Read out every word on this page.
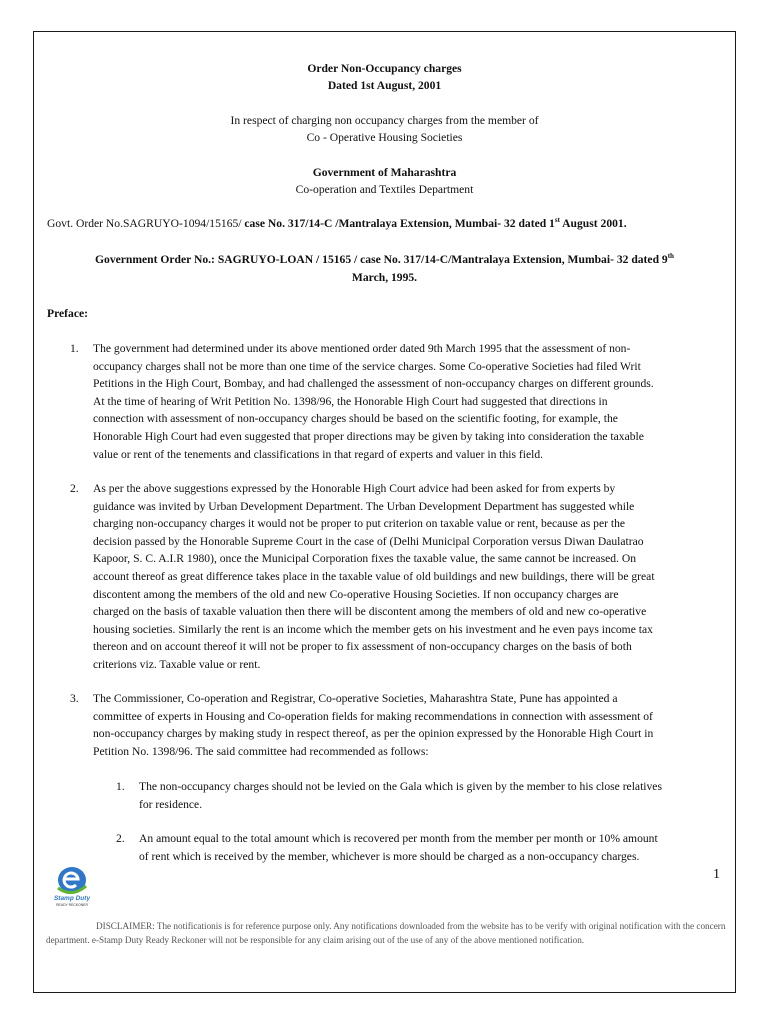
Order Non-Occupancy charges
Dated 1st August, 2001
In respect of charging non occupancy charges from the member of
Co - Operative Housing Societies
Government of Maharashtra
Co-operation and Textiles Department
Govt. Order No.SAGRUYO-1094/15165/ case No. 317/14-C /Mantralaya Extension, Mumbai- 32 dated 1st August 2001.
Government Order No.: SAGRUYO-LOAN / 15165 / case No. 317/14-C/Mantralaya Extension, Mumbai- 32 dated 9th
March, 1995.
Preface:
1. The government had determined under its above mentioned order dated 9th March 1995 that the assessment of non-
occupancy charges shall not be more than one time of the service charges. Some Co-operative Societies had filed Writ
Petitions in the High Court, Bombay, and had challenged the assessment of non-occupancy charges on different grounds.
At the time of hearing of Writ Petition No. 1398/96, the Honorable High Court had suggested that directions in
connection with assessment of non-occupancy charges should be based on the scientific footing, for example, the
Honorable High Court had even suggested that proper directions may be given by taking into consideration the taxable
value or rent of the tenements and classifications in that regard of experts and valuer in this field.
2. As per the above suggestions expressed by the Honorable High Court advice had been asked for from experts by
guidance was invited by Urban Development Department. The Urban Development Department has suggested while
charging non-occupancy charges it would not be proper to put criterion on taxable value or rent, because as per the
decision passed by the Honorable Supreme Court in the case of (Delhi Municipal Corporation versus Diwan Daulatrao
Kapoor, S. C. A.I.R 1980), once the Municipal Corporation fixes the taxable value, the same cannot be increased. On
account thereof as great difference takes place in the taxable value of old buildings and new buildings, there will be great
discontent among the members of the old and new Co-operative Housing Societies. If non occupancy charges are
charged on the basis of taxable valuation then there will be discontent among the members of old and new co-operative
housing societies. Similarly the rent is an income which the member gets on his investment and he even pays income tax
thereon and on account thereof it will not be proper to fix assessment of non-occupancy charges on the basis of both
criterions viz. Taxable value or rent.
3. The Commissioner, Co-operation and Registrar, Co-operative Societies, Maharashtra State, Pune has appointed a
committee of experts in Housing and Co-operation fields for making recommendations in connection with assessment of
non-occupancy charges by making study in respect thereof, as per the opinion expressed by the Honorable High Court in
Petition No. 1398/96. The said committee had recommended as follows:
1. The non-occupancy charges should not be levied on the Gala which is given by the member to his close relatives
for residence.
2. An amount equal to the total amount which is recovered per month from the member per month or 10% amount
of rent which is received by the member, whichever is more should be charged as a non-occupancy charges.
1
Stamp Duty
READY RECKONER
DISCLAIMER: The notificationis is for reference purpose only. Any notifications downloaded from the website has to be verify with original notification with the concern department. e-Stamp Duty Ready Reckoner will not be responsible for any claim arising out of the use of any of the above mentioned notification.
